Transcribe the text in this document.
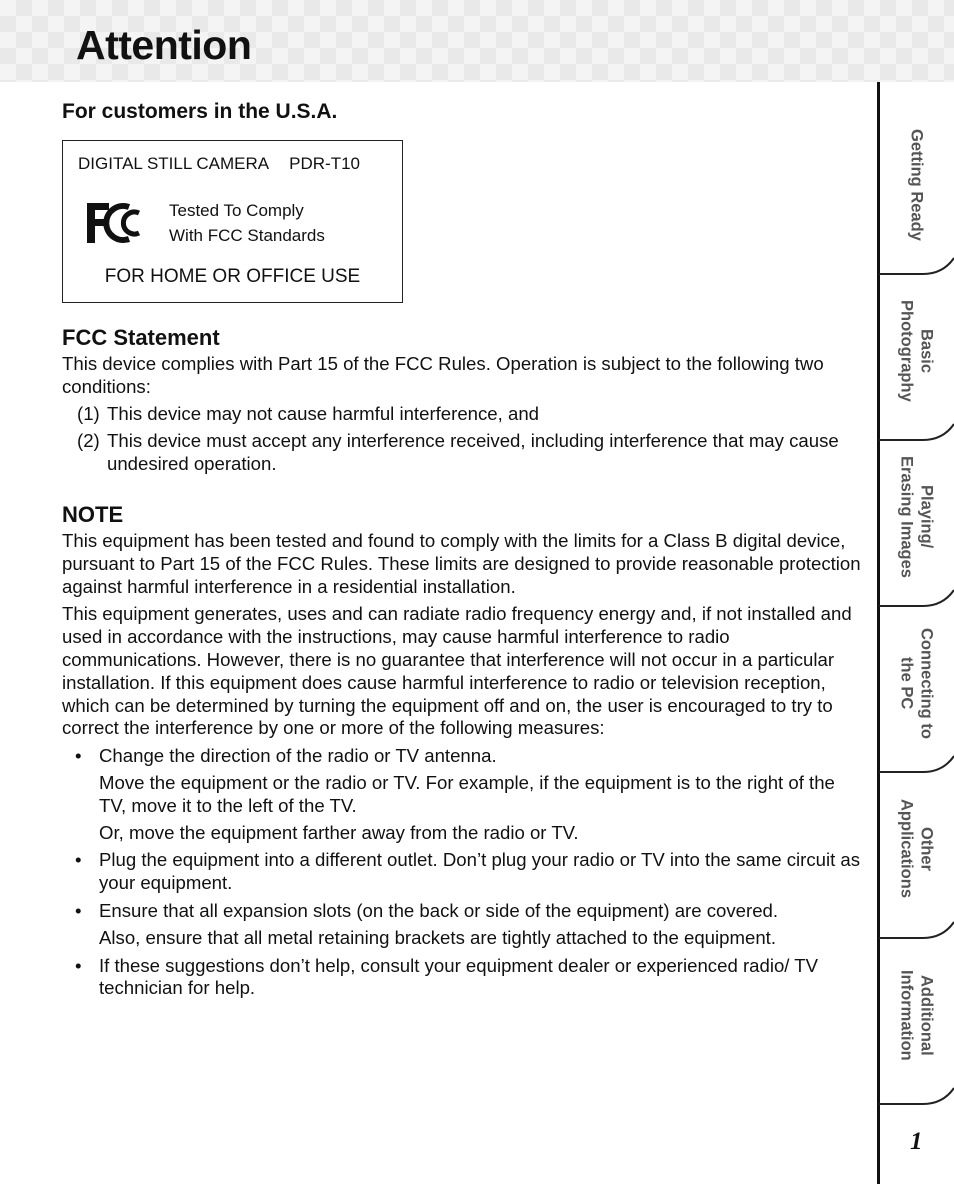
Attention
For customers in the U.S.A.
DIGITAL STILL CAMERA PDR-T10
Tested To Comply
With FCC Standards
FOR HOME OR OFFICE USE
FCC Statement

This device complies with Part 15 of the FCC Rules. Operation is subject to the following two conditions:

(1) This device may not cause harmful interference, and
(2) This device must accept any interference received, including interference that may cause undesired operation.
NOTE

This equipment has been tested and found to comply with the limits for a Class B digital device, pursuant to Part 15 of the FCC Rules. These limits are designed to provide reasonable protection against harmful interference in a residential installation.

This equipment generates, uses and can radiate radio frequency energy and, if not installed and used in accordance with the instructions, may cause harmful interference to radio communications. However, there is no guarantee that interference will not occur in a particular installation. If this equipment does cause harmful interference to radio or television reception, which can be determined by turning the equipment off and on, the user is encouraged to try to correct the interference by one or more of the following measures:

• Change the direction of the radio or TV antenna.
Move the equipment or the radio or TV. For example, if the equipment is to the right of the TV, move it to the left of the TV.
Or, move the equipment farther away from the radio or TV.
• Plug the equipment into a different outlet. Don’t plug your radio or TV into the same circuit as your equipment.
• Ensure that all expansion slots (on the back or side of the equipment) are covered.
Also, ensure that all metal retaining brackets are tightly attached to the equipment.
• If these suggestions don’t help, consult your equipment dealer or experienced radio/ TV technician for help.
Getting Ready
Basic
Photography
Playing/
Erasing Images
Connecting to
the PC
Other
Applications
Additional
Information
1
